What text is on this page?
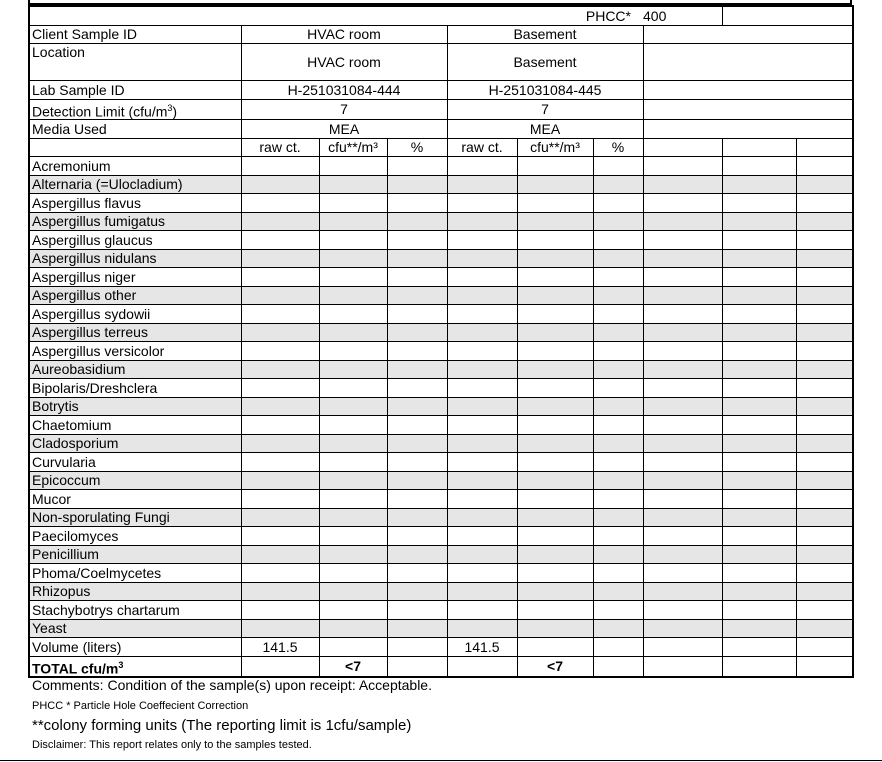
					PHCC*		400		
Client Sample ID	HVAC room			Basement					
Location	HVAC room			Basement					
Lab Sample ID	H-251031084-444			H-251031084-445					
Detection Limit $(cfu/m^3)$	7			7					
Media Used	MEA			MEA					
	raw ct.	cfu**/m³	%	raw ct.	cfu**/m³	%			
Acremonium									
Alternaria (=Ulocladium)									
Aspergillus flavus									
Aspergillus fumigatus									
Aspergillus glaucus									
Aspergillus nidulans									
Aspergillus niger									
Aspergillus other									
Aspergillus sydowii									
Aspergillus terreus									
Aspergillus versicolor									
Aureobasidium									
Bipolaris/Dreshclera									
Botrytis									
Chaetomium									
Cladosporium									
Curvularia									
Epicoccum									
Mucor									
Non-sporulating Fungi									
Paecilomyces									
Penicillium									
Phoma/Coelmycetes									
Rhizopus									
Stachybotrys chartarum									
Yeast									
Volume (liters)	141.5			141.5					
TOTAL cfu/$m^3$		<7			<7				
Comments: Condition of the sample(s) upon receipt: Acceptable.
PHCC * Particle Hole Coeffecient Correction
**colony forming units (The reporting limit is 1cfu/sample)
Disclaimer: This report relates only to the samples tested.
